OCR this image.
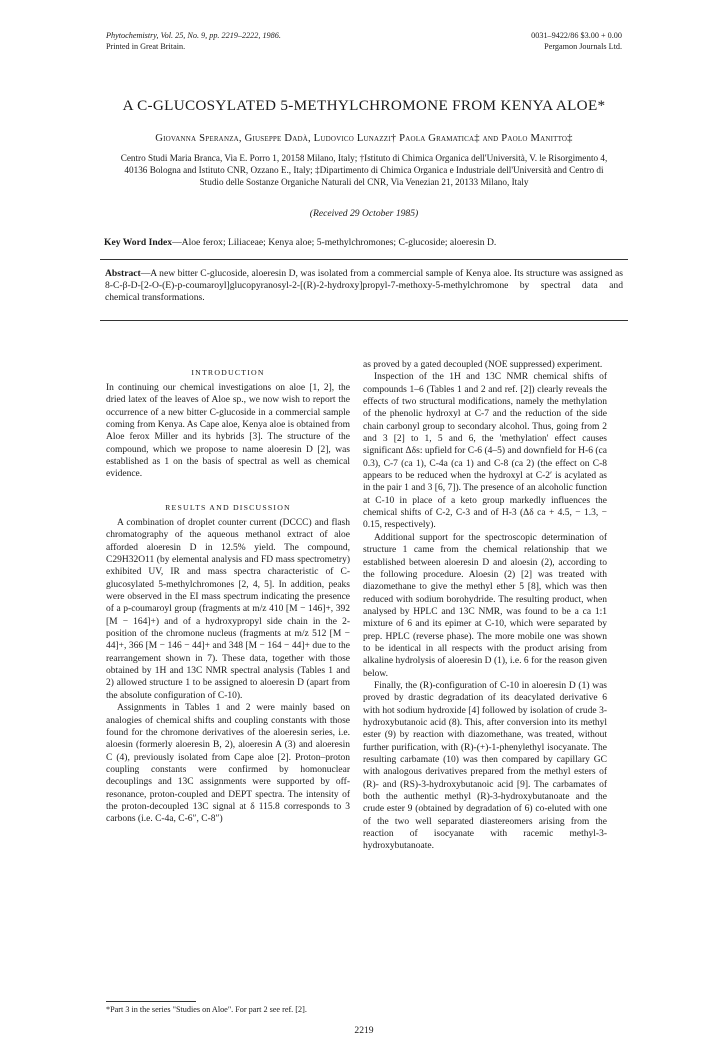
Phytochemistry, Vol. 25, No. 9, pp. 2219–2222, 1986.
Printed in Great Britain.
0031–9422/86 $3.00 + 0.00
Pergamon Journals Ltd.
A C-GLUCOSYLATED 5-METHYLCHROMONE FROM KENYA ALOE*
Giovanna Speranza, Giuseppe Dadà, Ludovico Lunazzi† Paola Gramatica‡ and Paolo Manitto‡
Centro Studi Maria Branca, Via E. Porro 1, 20158 Milano, Italy; †Istituto di Chimica Organica dell'Università, V. le Risorgimento 4,
40136 Bologna and Istituto CNR, Ozzano E., Italy; ‡Dipartimento di Chimica Organica e Industriale dell'Università and Centro di
Studio delle Sostanze Organiche Naturali del CNR, Via Venezian 21, 20133 Milano, Italy
(Received 29 October 1985)
Key Word Index—Aloe ferox; Liliaceae; Kenya aloe; 5-methylchromones; C-glucoside; aloeresin D.
Abstract—A new bitter C-glucoside, aloeresin D, was isolated from a commercial sample of Kenya aloe. Its structure was assigned as 8-C-β-D-[2-O-(E)-p-coumaroyl]glucopyranosyl-2-[(R)-2-hydroxy]propyl-7-methoxy-5-methylchromone by spectral data and chemical transformations.
INTRODUCTION

In continuing our chemical investigations on aloe [1, 2], the dried latex of the leaves of Aloe sp., we now wish to report the occurrence of a new bitter C-glucoside in a commercial sample coming from Kenya. As Cape aloe, Kenya aloe is obtained from Aloe ferox Miller and its hybrids [3]. The structure of the compound, which we propose to name aloeresin D [2], was established as 1 on the basis of spectral as well as chemical evidence.

RESULTS AND DISCUSSION

A combination of droplet counter current (DCCC) and flash chromatography of the aqueous methanol extract of aloe afforded aloeresin D in 12.5% yield. The compound, C29H32O11 (by elemental analysis and FD mass spectrometry) exhibited UV, IR and mass spectra characteristic of C-glucosylated 5-methylchromones [2, 4, 5]. In addition, peaks were observed in the EI mass spectrum indicating the presence of a p-coumaroyl group (fragments at m/z 410 [M − 146]+, 392 [M − 164]+) and of a hydroxypropyl side chain in the 2-position of the chromone nucleus (fragments at m/z 512 [M − 44]+, 366 [M − 146 − 44]+ and 348 [M − 164 − 44]+ due to the rearrangement shown in 7). These data, together with those obtained by 1H and 13C NMR spectral analysis (Tables 1 and 2) allowed structure 1 to be assigned to aloeresin D (apart from the absolute configuration of C-10).

Assignments in Tables 1 and 2 were mainly based on analogies of chemical shifts and coupling constants with those found for the chromone derivatives of the aloeresin series, i.e. aloesin (formerly aloeresin B, 2), aloeresin A (3) and aloeresin C (4), previously isolated from Cape aloe [2]. Proton–proton coupling constants were confirmed by homonuclear decouplings and 13C assignments were supported by off-resonance, proton-coupled and DEPT spectra. The intensity of the proton-decoupled 13C signal at δ 115.8 corresponds to 3 carbons (i.e. C-4a, C-6″, C-8″)

as proved by a gated decoupled (NOE suppressed) experiment.

Inspection of the 1H and 13C NMR chemical shifts of compounds 1–6 (Tables 1 and 2 and ref. [2]) clearly reveals the effects of two structural modifications, namely the methylation of the phenolic hydroxyl at C-7 and the reduction of the side chain carbonyl group to secondary alcohol. Thus, going from 2 and 3 [2] to 1, 5 and 6, the 'methylation' effect causes significant Δδs: upfield for C-6 (4–5) and downfield for H-6 (ca 0.3), C-7 (ca 1), C-4a (ca 1) and C-8 (ca 2) (the effect on C-8 appears to be reduced when the hydroxyl at C-2′ is acylated as in the pair 1 and 3 [6, 7]). The presence of an alcoholic function at C-10 in place of a keto group markedly influences the chemical shifts of C-2, C-3 and of H-3 (Δδ ca + 4.5, − 1.3, − 0.15, respectively).

Additional support for the spectroscopic determination of structure 1 came from the chemical relationship that we established between aloeresin D and aloesin (2), according to the following procedure. Aloesin (2) [2] was treated with diazomethane to give the methyl ether 5 [8], which was then reduced with sodium borohydride. The resulting product, when analysed by HPLC and 13C NMR, was found to be a ca 1:1 mixture of 6 and its epimer at C-10, which were separated by prep. HPLC (reverse phase). The more mobile one was shown to be identical in all respects with the product arising from alkaline hydrolysis of aloeresin D (1), i.e. 6 for the reason given below.

Finally, the (R)-configuration of C-10 in aloeresin D (1) was proved by drastic degradation of its deacylated derivative 6 with hot sodium hydroxide [4] followed by isolation of crude 3-hydroxybutanoic acid (8). This, after conversion into its methyl ester (9) by reaction with diazomethane, was treated, without further purification, with (R)-(+)-1-phenylethyl isocyanate. The resulting carbamate (10) was then compared by capillary GC with analogous derivatives prepared from the methyl esters of (R)- and (RS)-3-hydroxybutanoic acid [9]. The carbamates of both the authentic methyl (R)-3-hydroxybutanoate and the crude ester 9 (obtained by degradation of 6) co-eluted with one of the two well separated diastereomers arising from the reaction of isocyanate with racemic methyl-3-hydroxybutanoate.

*Part 3 in the series "Studies on Aloe". For part 2 see ref. [2].
2219
